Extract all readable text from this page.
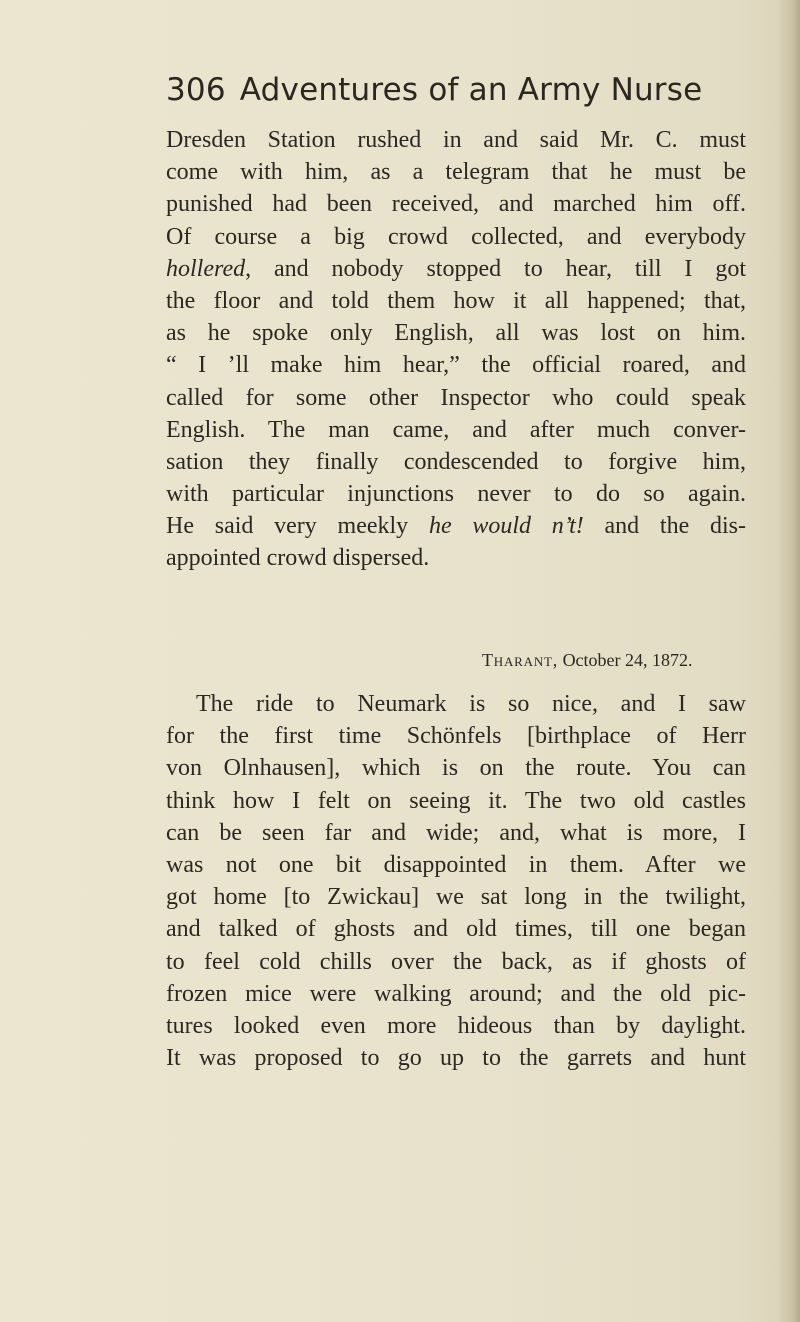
306 Adventures of an Army Nurse
Dresden Station rushed in and said Mr. C. must
come with him, as a telegram that he must be
punished had been received, and marched him off.
Of course a big crowd collected, and everybody
hollered, and nobody stopped to hear, till I got
the floor and told them how it all happened; that,
as he spoke only English, all was lost on him.
“ I ’ll make him hear,” the official roared, and
called for some other Inspector who could speak
English. The man came, and after much conver-
sation they finally condescended to forgive him,
with particular injunctions never to do so again.
He said very meekly he would n’t! and the dis-
appointed crowd dispersed.
Tharant, October 24, 1872.
The ride to Neumark is so nice, and I saw
for the first time Schönfels [birthplace of Herr
von Olnhausen], which is on the route. You can
think how I felt on seeing it. The two old castles
can be seen far and wide; and, what is more, I
was not one bit disappointed in them. After we
got home [to Zwickau] we sat long in the twilight,
and talked of ghosts and old times, till one began
to feel cold chills over the back, as if ghosts of
frozen mice were walking around; and the old pic-
tures looked even more hideous than by daylight.
It was proposed to go up to the garrets and hunt
